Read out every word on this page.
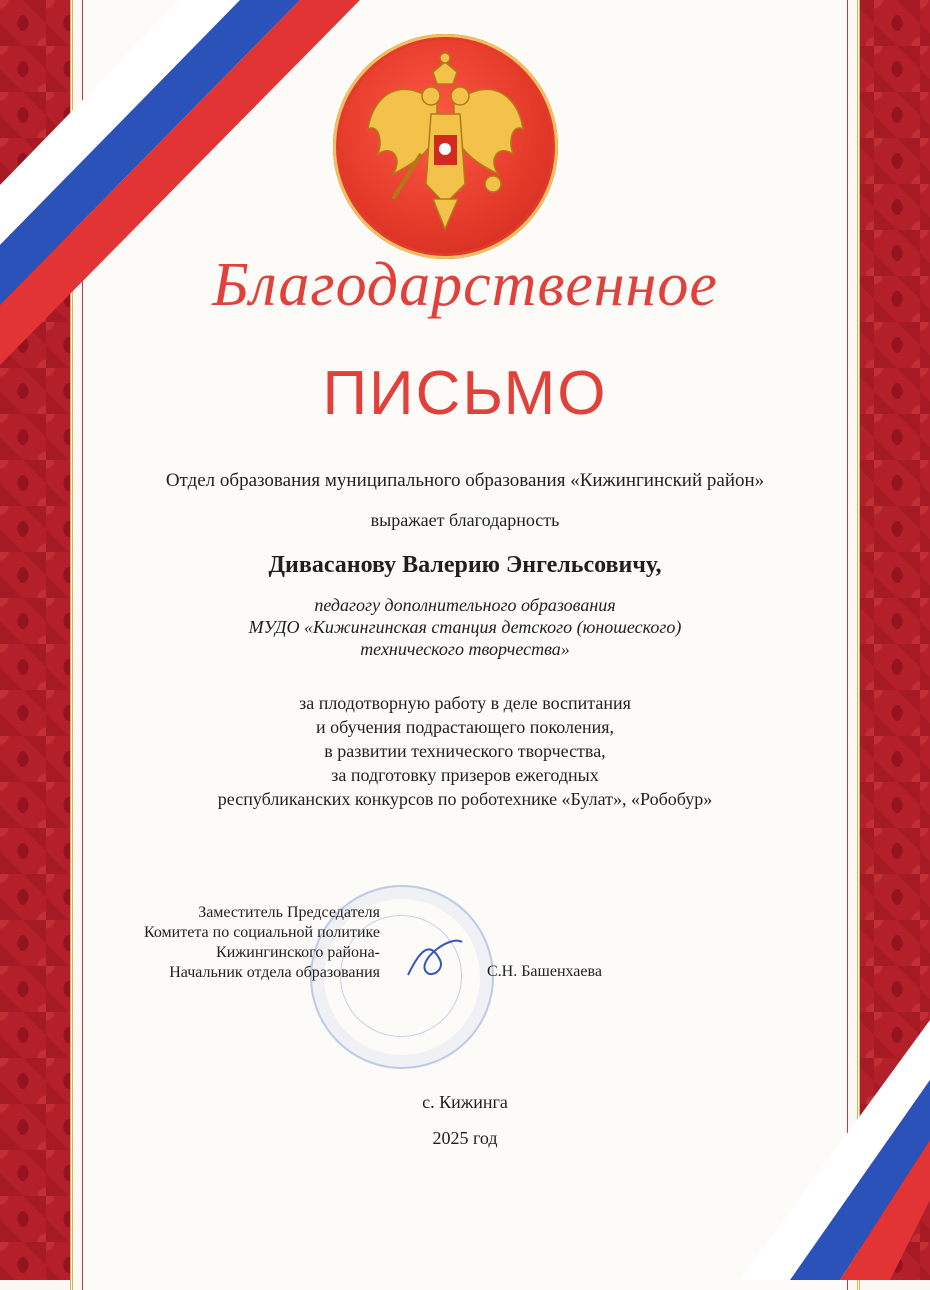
Благодарственное
ПИСЬМО
Отдел образования муниципального образования «Кижингинский район»
выражает благодарность
Дивасанову Валерию Энгельсовичу,
педагогу дополнительного образования
МУДО «Кижингинская станция детского (юношеского)
технического творчества»
за плодотворную работу в деле воспитания
и обучения подрастающего поколения,
в развитии технического творчества,
за подготовку призеров ежегодных
республиканских конкурсов по роботехнике «Булат», «Робобур»
Заместитель Председателя
Комитета по социальной политике
Кижингинского района-
Начальник отдела образования	С.Н. Башенхаева
с. Кижинга
2025 год
